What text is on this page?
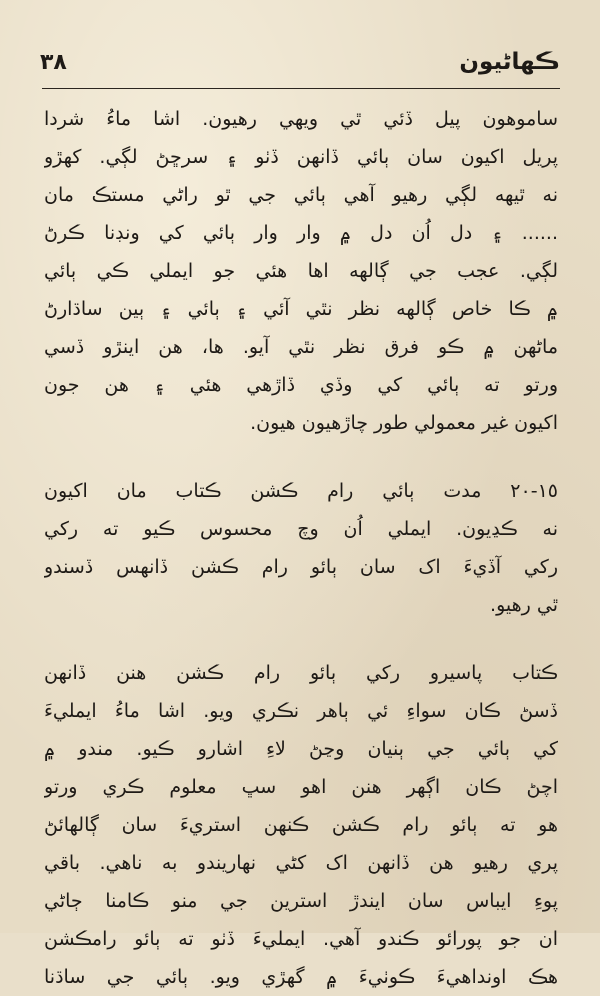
ڪهاڻيون
٣٨
ساموهون پيل ڏئي ٿي ويهي رهيون. اشا ماءُ شردا
پريل اکيون سان ٻائي ڏانهن ڏٺو ۽ سرڇڻ لڳي. کهڙو
نه ٿيهه لڳي رهيو آهي ٻائي جي ٿو راڻي مستڪ مان
...... ۽ دل اُن دل ۾ وار وار ٻائي کي ونڊنا ڪرڻ
لڳي. عجب جي ڳالهه اها هئي جو ايملي ڪي ٻائي
۾ ڪا خاص ڳالهه نظر نٿي آئي ۽ ٻائي ۽ ٻين ساڌارڻ
ماڻهن ۾ ڪو فرق نظر نٿي آيو. ها، هن اينڙو ڏسي
ورتو ته ٻائي کي وڏي ڏاڙهي هئي ۽ هن جون
اکيون غير معمولي طور چاڙهيون هيون.
١٥-٢٠ مدت ٻائي رام ڪشن ڪتاب مان اکيون
نه ڪڍيون. ايملي اُن وچ محسوس ڪيو ته رکي
رکي آڏيءَ اک سان ٻائو رام ڪشن ڏانهس ڏسندو
ٿي رهيو.
ڪتاب پاسيرو رکي ٻائو رام ڪشن هنن ڏانهن
ڏسڻ ڪان سواءِ ئي ٻاهر نڪري ويو. اشا ماءُ ايمليءَ
کي ٻائي جي ٻنيان وڃڻ لاءِ اشارو ڪيو. مندو ۾
اچڻ ڪان اڳهر هنن اهو سڀ معلوم ڪري ورتو
هو ته ٻائو رام ڪشن ڪنهن استريءَ سان ڳالهائڻ
پري رهيو هن ڏانهن اک کڻي نهاريندو به ناهي. باقي
پوءِ ايباس سان ايندڙ استرين جي منو ڪامنا ڄاڻي
ان جو پورائو ڪندو آهي. ايمليءَ ڏٺو ته ٻائو رامڪشن
هڪ اونداهيءَ ڪوٺيءَ ۾ گهڙي ويو. ٻائي جي ساڌنا
